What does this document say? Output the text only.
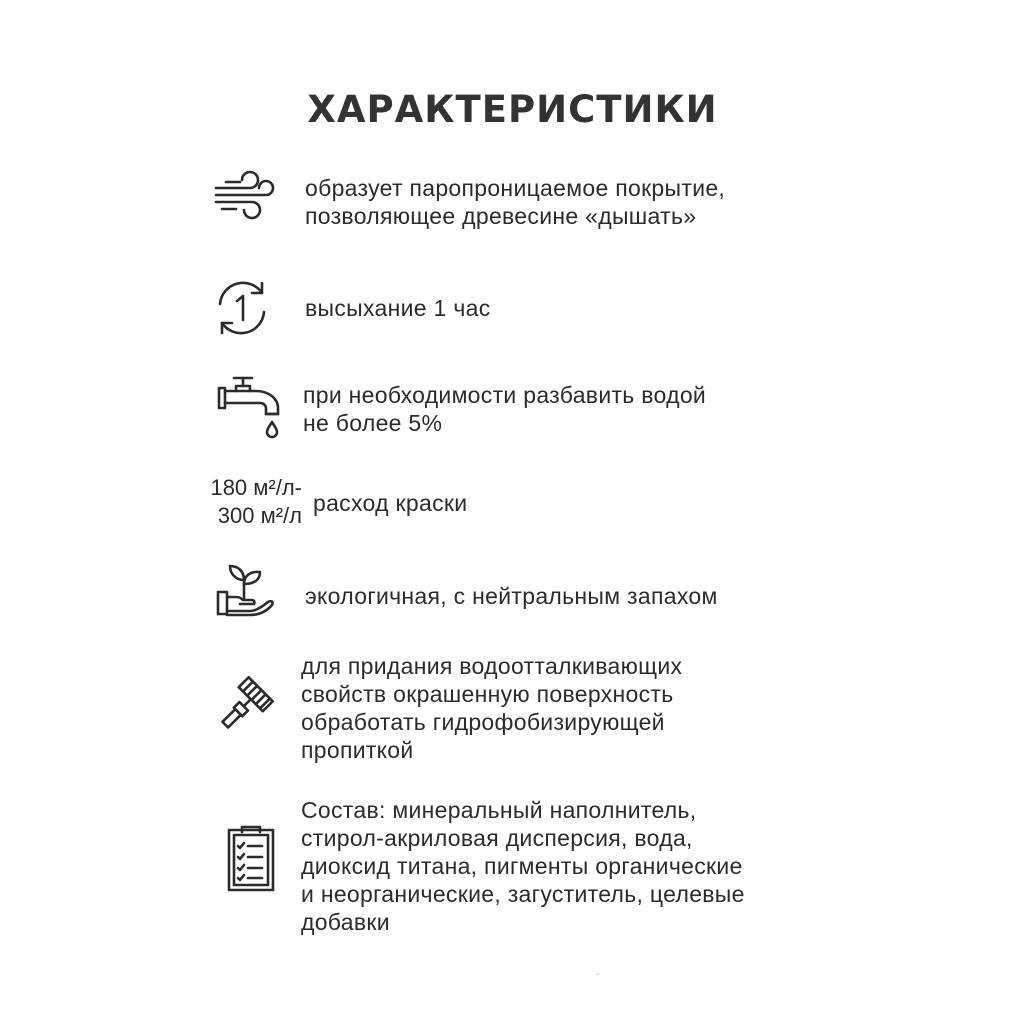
ХАРАКТЕРИСТИКИ
образует паропроницаемое покрытие,
позволяющее древесине «дышать»
высыхание 1 час
при необходимости разбавить водой
не более 5%
180 м²/л-
300 м²/л расход краски
экологичная, с нейтральным запахом
для придания водоотталкивающих
свойств окрашенную поверхность
обработать гидрофобизирующей
пропиткой
Состав: минеральный наполнитель,
стирол-акриловая дисперсия, вода,
диоксид титана, пигменты органические
и неорганические, загуститель, целевые
добавки
